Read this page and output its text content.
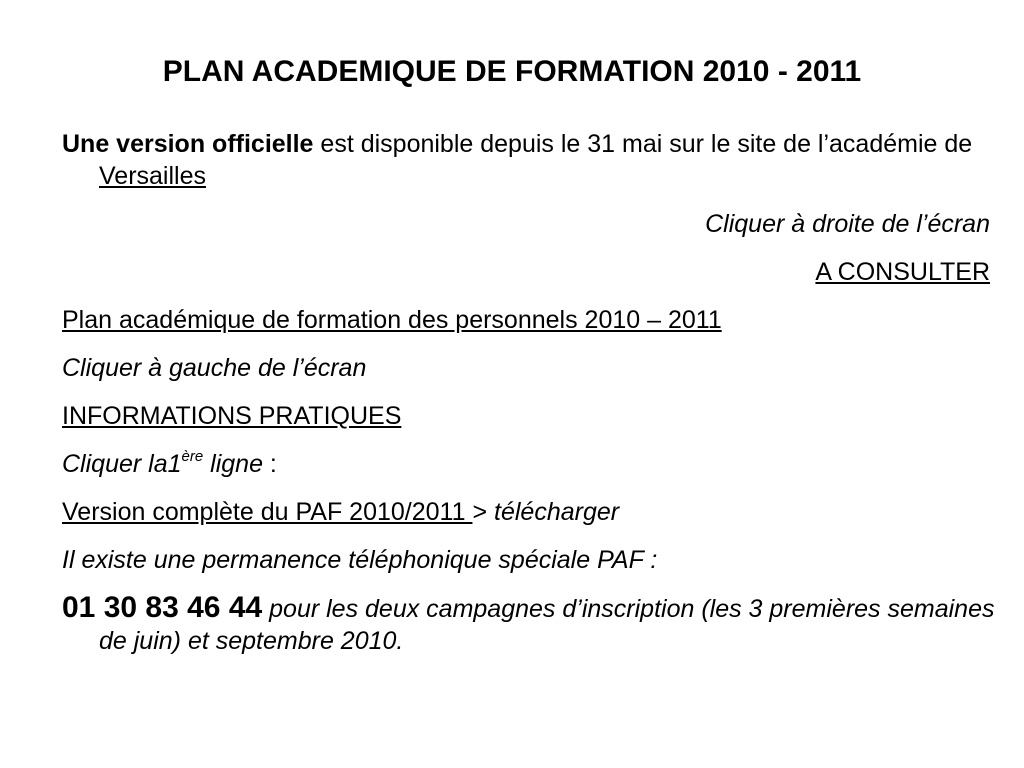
PLAN ACADEMIQUE DE FORMATION 2010 - 2011

Une version officielle est disponible depuis le 31 mai sur le site de l’académie de Versailles

Cliquer à droite de l’écran

A CONSULTER

Plan académique de formation des personnels 2010 – 2011

Cliquer à gauche de l’écran

INFORMATIONS PRATIQUES

Cliquer la1ère ligne :

Version complète du PAF 2010/2011 > télécharger

Il existe une permanence téléphonique spéciale PAF :

01 30 83 46 44 pour les deux campagnes d’inscription (les 3 premières semaines de juin) et septembre 2010.
